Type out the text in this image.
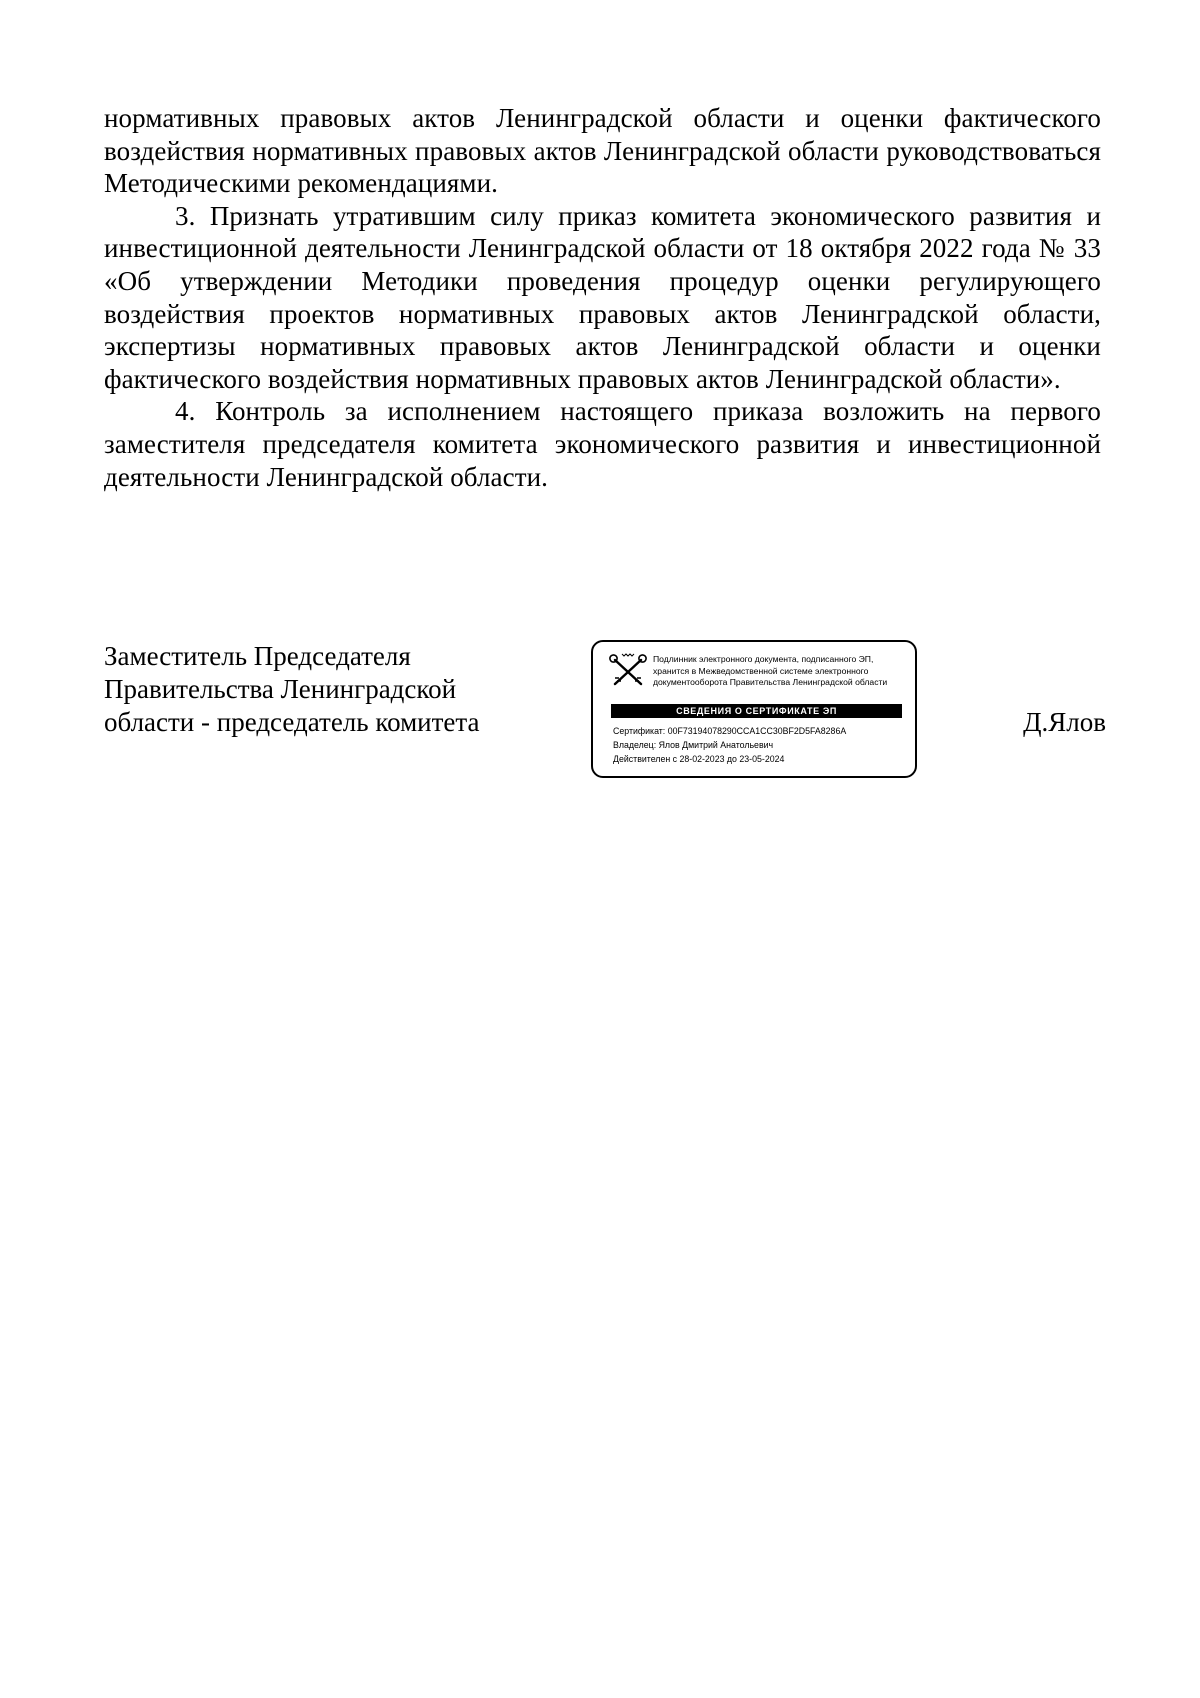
нормативных правовых актов Ленинградской области и оценки фактического воздействия нормативных правовых актов Ленинградской области руководствоваться Методическими рекомендациями.

3. Признать утратившим силу приказ комитета экономического развития и инвестиционной деятельности Ленинградской области от 18 октября 2022 года № 33 «Об утверждении Методики проведения процедур оценки регулирующего воздействия проектов нормативных правовых актов Ленинградской области, экспертизы нормативных правовых актов Ленинградской области и оценки фактического воздействия нормативных правовых актов Ленинградской области».

4. Контроль за исполнением настоящего приказа возложить на первого заместителя председателя комитета экономического развития и инвестиционной деятельности Ленинградской области.

Заместитель Председателя
Правительства Ленинградской
области - председатель комитета
Подлинник электронного документа, подписанного ЭП,
хранится в Межведомственной системе электронного
документооборота Правительства Ленинградской области
СВЕДЕНИЯ О СЕРТИФИКАТЕ ЭП
Сертификат: 00F73194078290CCA1CC30BF2D5FA8286A
Владелец: Ялов Дмитрий Анатольевич
Действителен с 28-02-2023 до 23-05-2024
Д.Ялов
